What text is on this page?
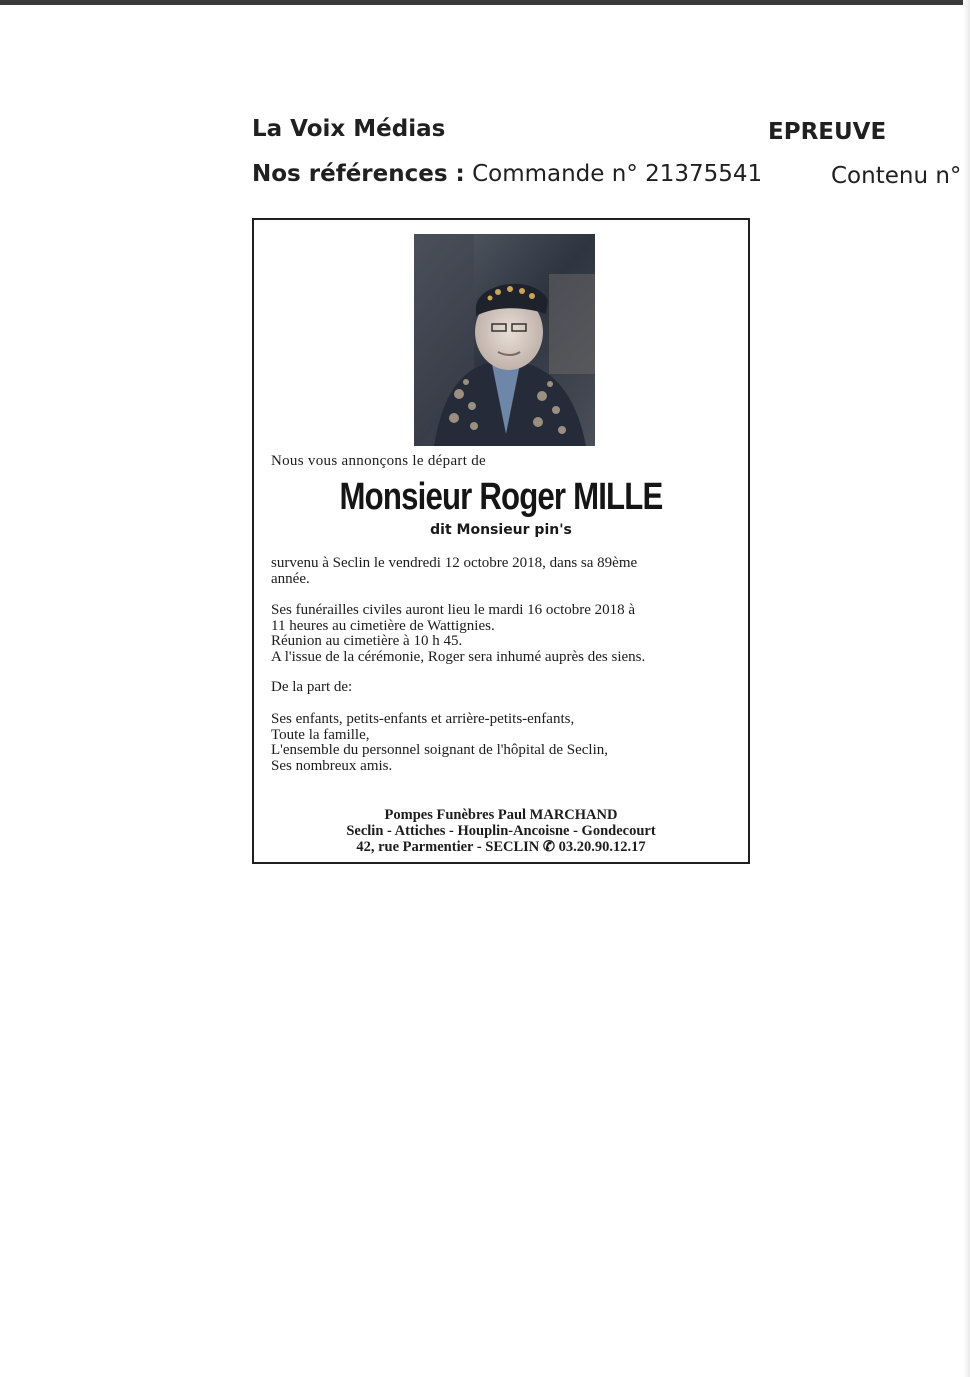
La Voix Médias	EPREUVE
Nos références : Commande n° 21375541	Contenu n°
Nous vous annonçons le départ de
Monsieur Roger MILLE
dit Monsieur pin's
survenu à Seclin le vendredi 12 octobre 2018, dans sa 89ème
année.
Ses funérailles civiles auront lieu le mardi 16 octobre 2018 à
11 heures au cimetière de Wattignies.
Réunion au cimetière à 10 h 45.
A l'issue de la cérémonie, Roger sera inhumé auprès des siens.
De la part de:
Ses enfants, petits-enfants et arrière-petits-enfants,
Toute la famille,
L'ensemble du personnel soignant de l'hôpital de Seclin,
Ses nombreux amis.
Pompes Funèbres Paul MARCHAND
Seclin - Attiches - Houplin-Ancoisne - Gondecourt
42, rue Parmentier - SECLIN ✆ 03.20.90.12.17
